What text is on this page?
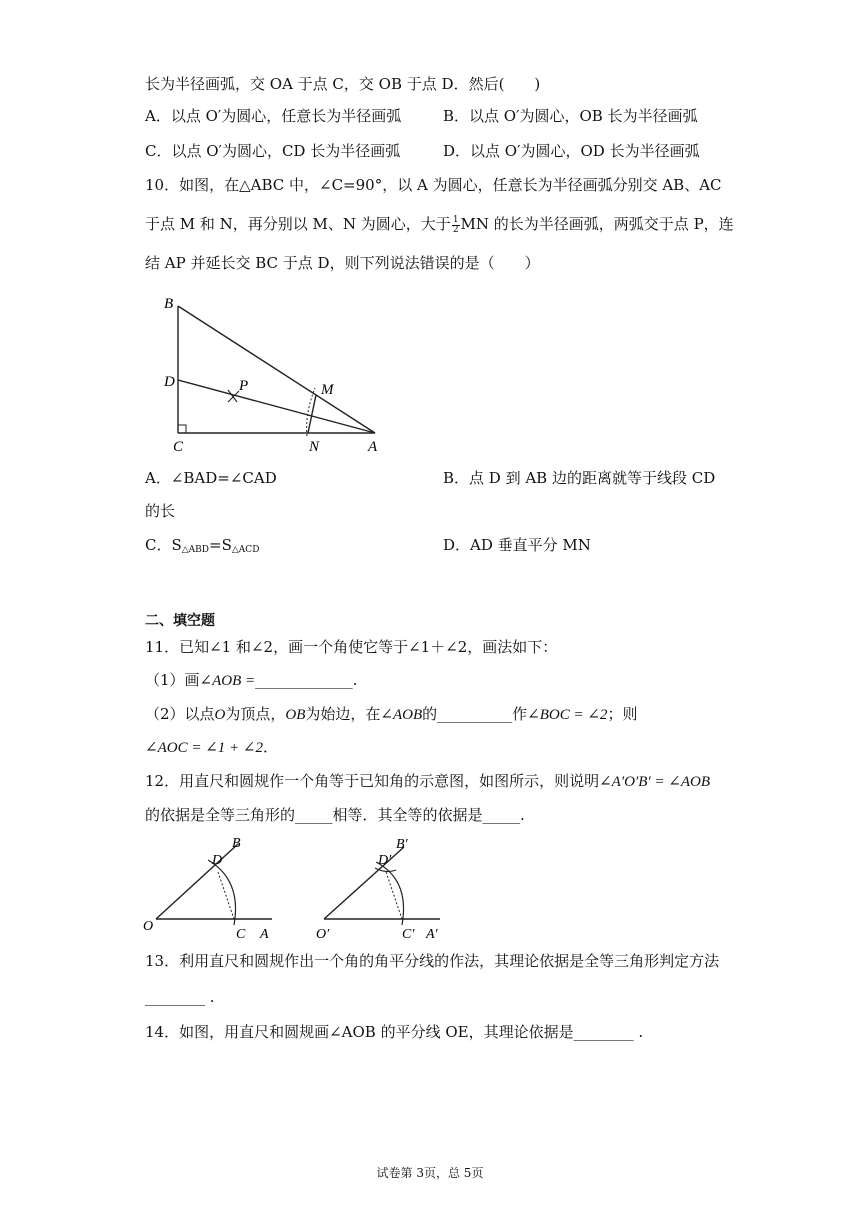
长为半径画弧，交 OA 于点 C，交 OB 于点 D．然后(　　)
A．以点 O′为圆心，任意长为半径画弧	B．以点 O′为圆心，OB 长为半径画弧
C．以点 O′为圆心，CD 长为半径画弧	D．以点 O′为圆心，OD 长为半径画弧
10．如图，在△ABC 中，∠C=90°，以 A 为圆心，任意长为半径画弧分别交 AB、AC
于点 M 和 N，再分别以 M、N 为圆心，大于 $\frac{1}{2}$ MN 的长为半径画弧，两弧交于点 P，连
结 AP 并延长交 BC 于点 D，则下列说法错误的是（　　）
B
D	P	M
C	N	A
A．∠BAD=∠CAD	B．点 D 到 AB 边的距离就等于线段 CD
的长
C．$S_{\triangle ABD}=S_{\triangle ACD}$	D．AD 垂直平分 MN
二、填空题
11．已知∠1 和∠2，画一个角使它等于∠1＋∠2，画法如下：
（1）画∠AOB =_____________.
（2）以点O为顶点，OB为始边，在∠AOB的__________作∠BOC = ∠2；则
∠AOC = ∠1 + ∠2．
12．用直尺和圆规作一个角等于已知角的示意图，如图所示，则说明∠A′O′B′ = ∠AOB
的依据是全等三角形的_____相等．其全等的依据是_____.
O
C A
D
B
O′	C′ A′
D′
B′
13．利用直尺和圆规作出一个角的角平分线的作法，其理论依据是全等三角形判定方法
________ .
14．如图，用直尺和圆规画∠AOB 的平分线 OE，其理论依据是________ .
试卷第 3页，总 5页
